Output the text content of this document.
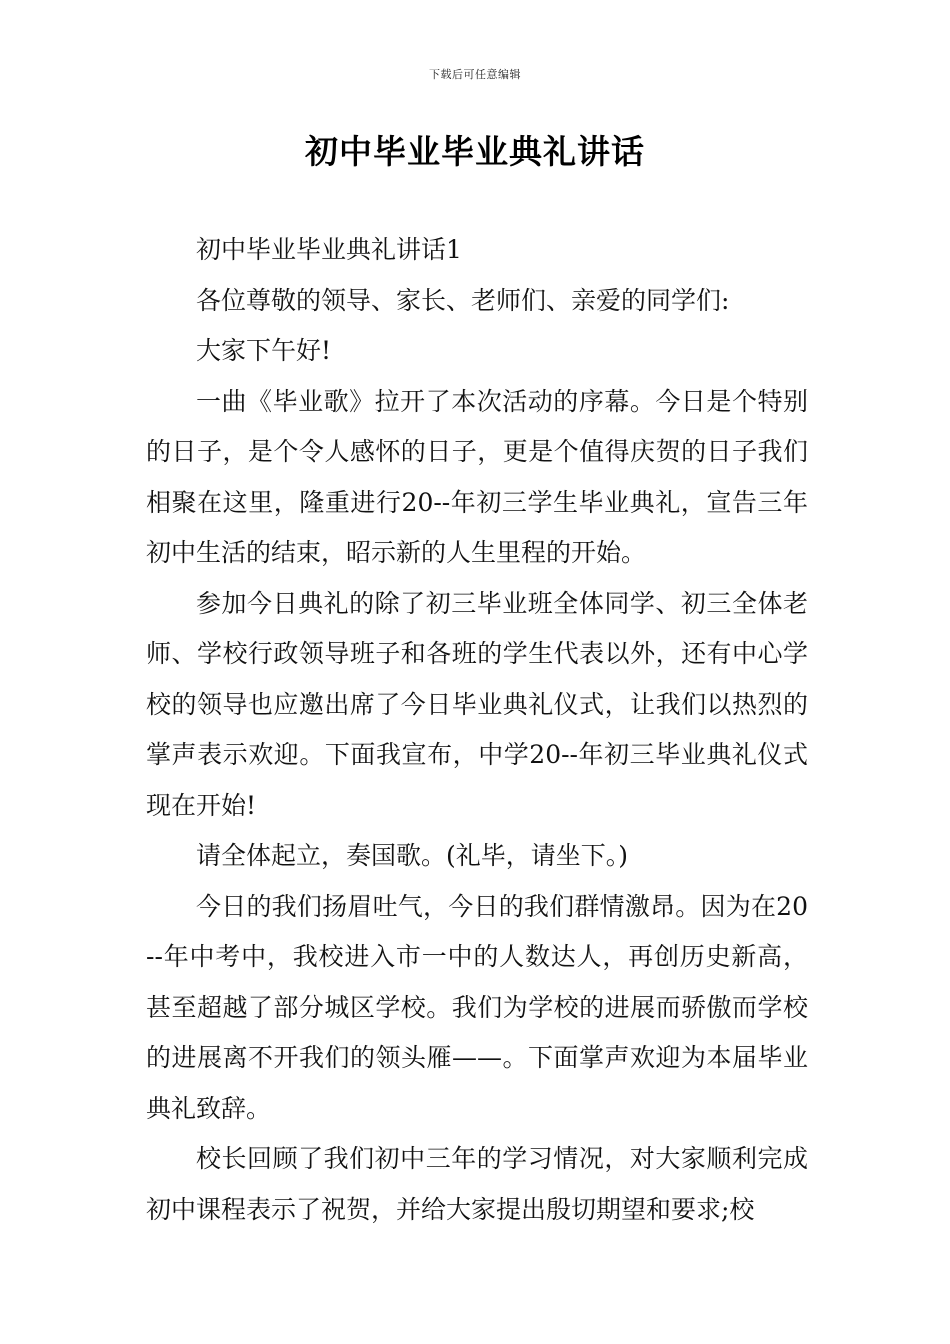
下载后可任意编辑
初中毕业毕业典礼讲话

初中毕业毕业典礼讲话1

各位尊敬的领导、家长、老师们、亲爱的同学们:

大家下午好!

一曲《毕业歌》拉开了本次活动的序幕。今日是个特别的日子，是个令人感怀的日子，更是个值得庆贺的日子我们相聚在这里，隆重进行20--年初三学生毕业典礼，宣告三年初中生活的结束，昭示新的人生里程的开始。

参加今日典礼的除了初三毕业班全体同学、初三全体老师、学校行政领导班子和各班的学生代表以外，还有中心学校的领导也应邀出席了今日毕业典礼仪式，让我们以热烈的掌声表示欢迎。下面我宣布，中学20--年初三毕业典礼仪式现在开始!

请全体起立，奏国歌。(礼毕，请坐下。)

今日的我们扬眉吐气，今日的我们群情激昂。因为在20--年中考中，我校进入市一中的人数达人，再创历史新高，甚至超越了部分城区学校。我们为学校的进展而骄傲而学校的进展离不开我们的领头雁——。下面掌声欢迎为本届毕业典礼致辞。

校长回顾了我们初中三年的学习情况，对大家顺利完成初中课程表示了祝贺，并给大家提出殷切期望和要求;校
